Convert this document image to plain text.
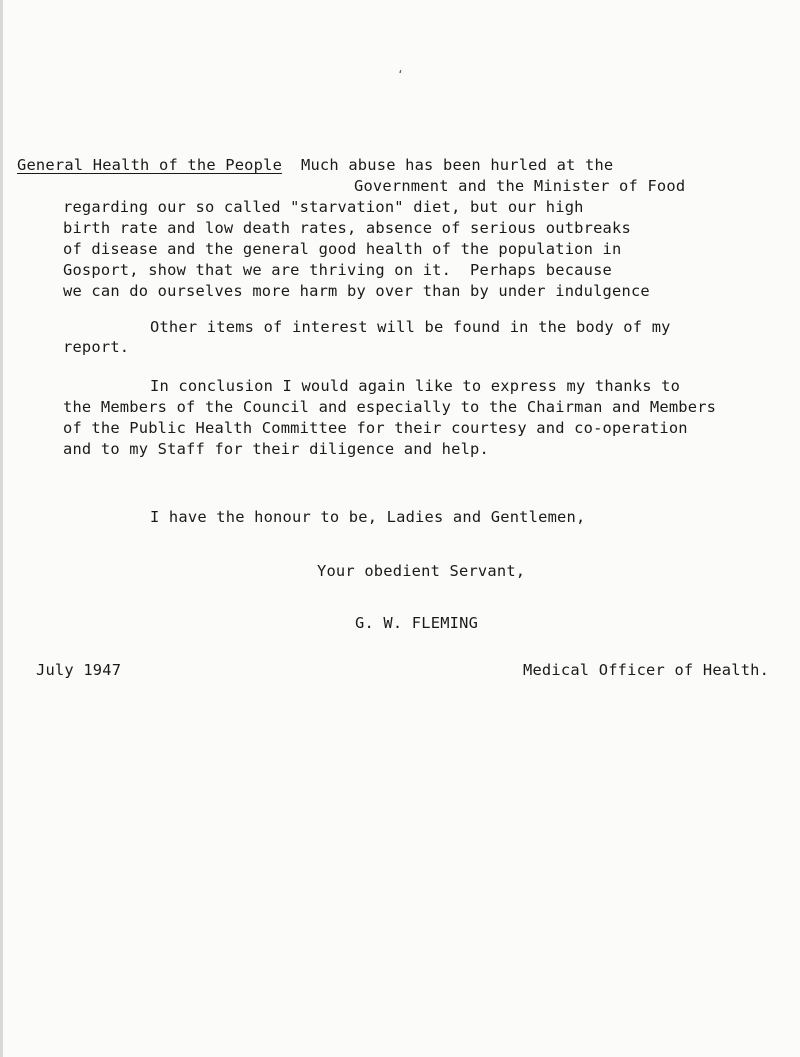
ʻ
General Health of the People Much abuse has been hurled at the
Government and the Minister of Food
regarding our so called "starvation" diet, but our high
birth rate and low death rates, absence of serious outbreaks
of disease and the general good health of the population in
Gosport, show that we are thriving on it.  Perhaps because
we can do ourselves more harm by over than by under indulgence
Other items of interest will be found in the body of my
report.
In conclusion I would again like to express my thanks to
the Members of the Council and especially to the Chairman and Members
of the Public Health Committee for their courtesy and co-operation
and to my Staff for their diligence and help.
I have the honour to be, Ladies and Gentlemen,
Your obedient Servant,
G. W. FLEMING
July 1947	Medical Officer of Health.
